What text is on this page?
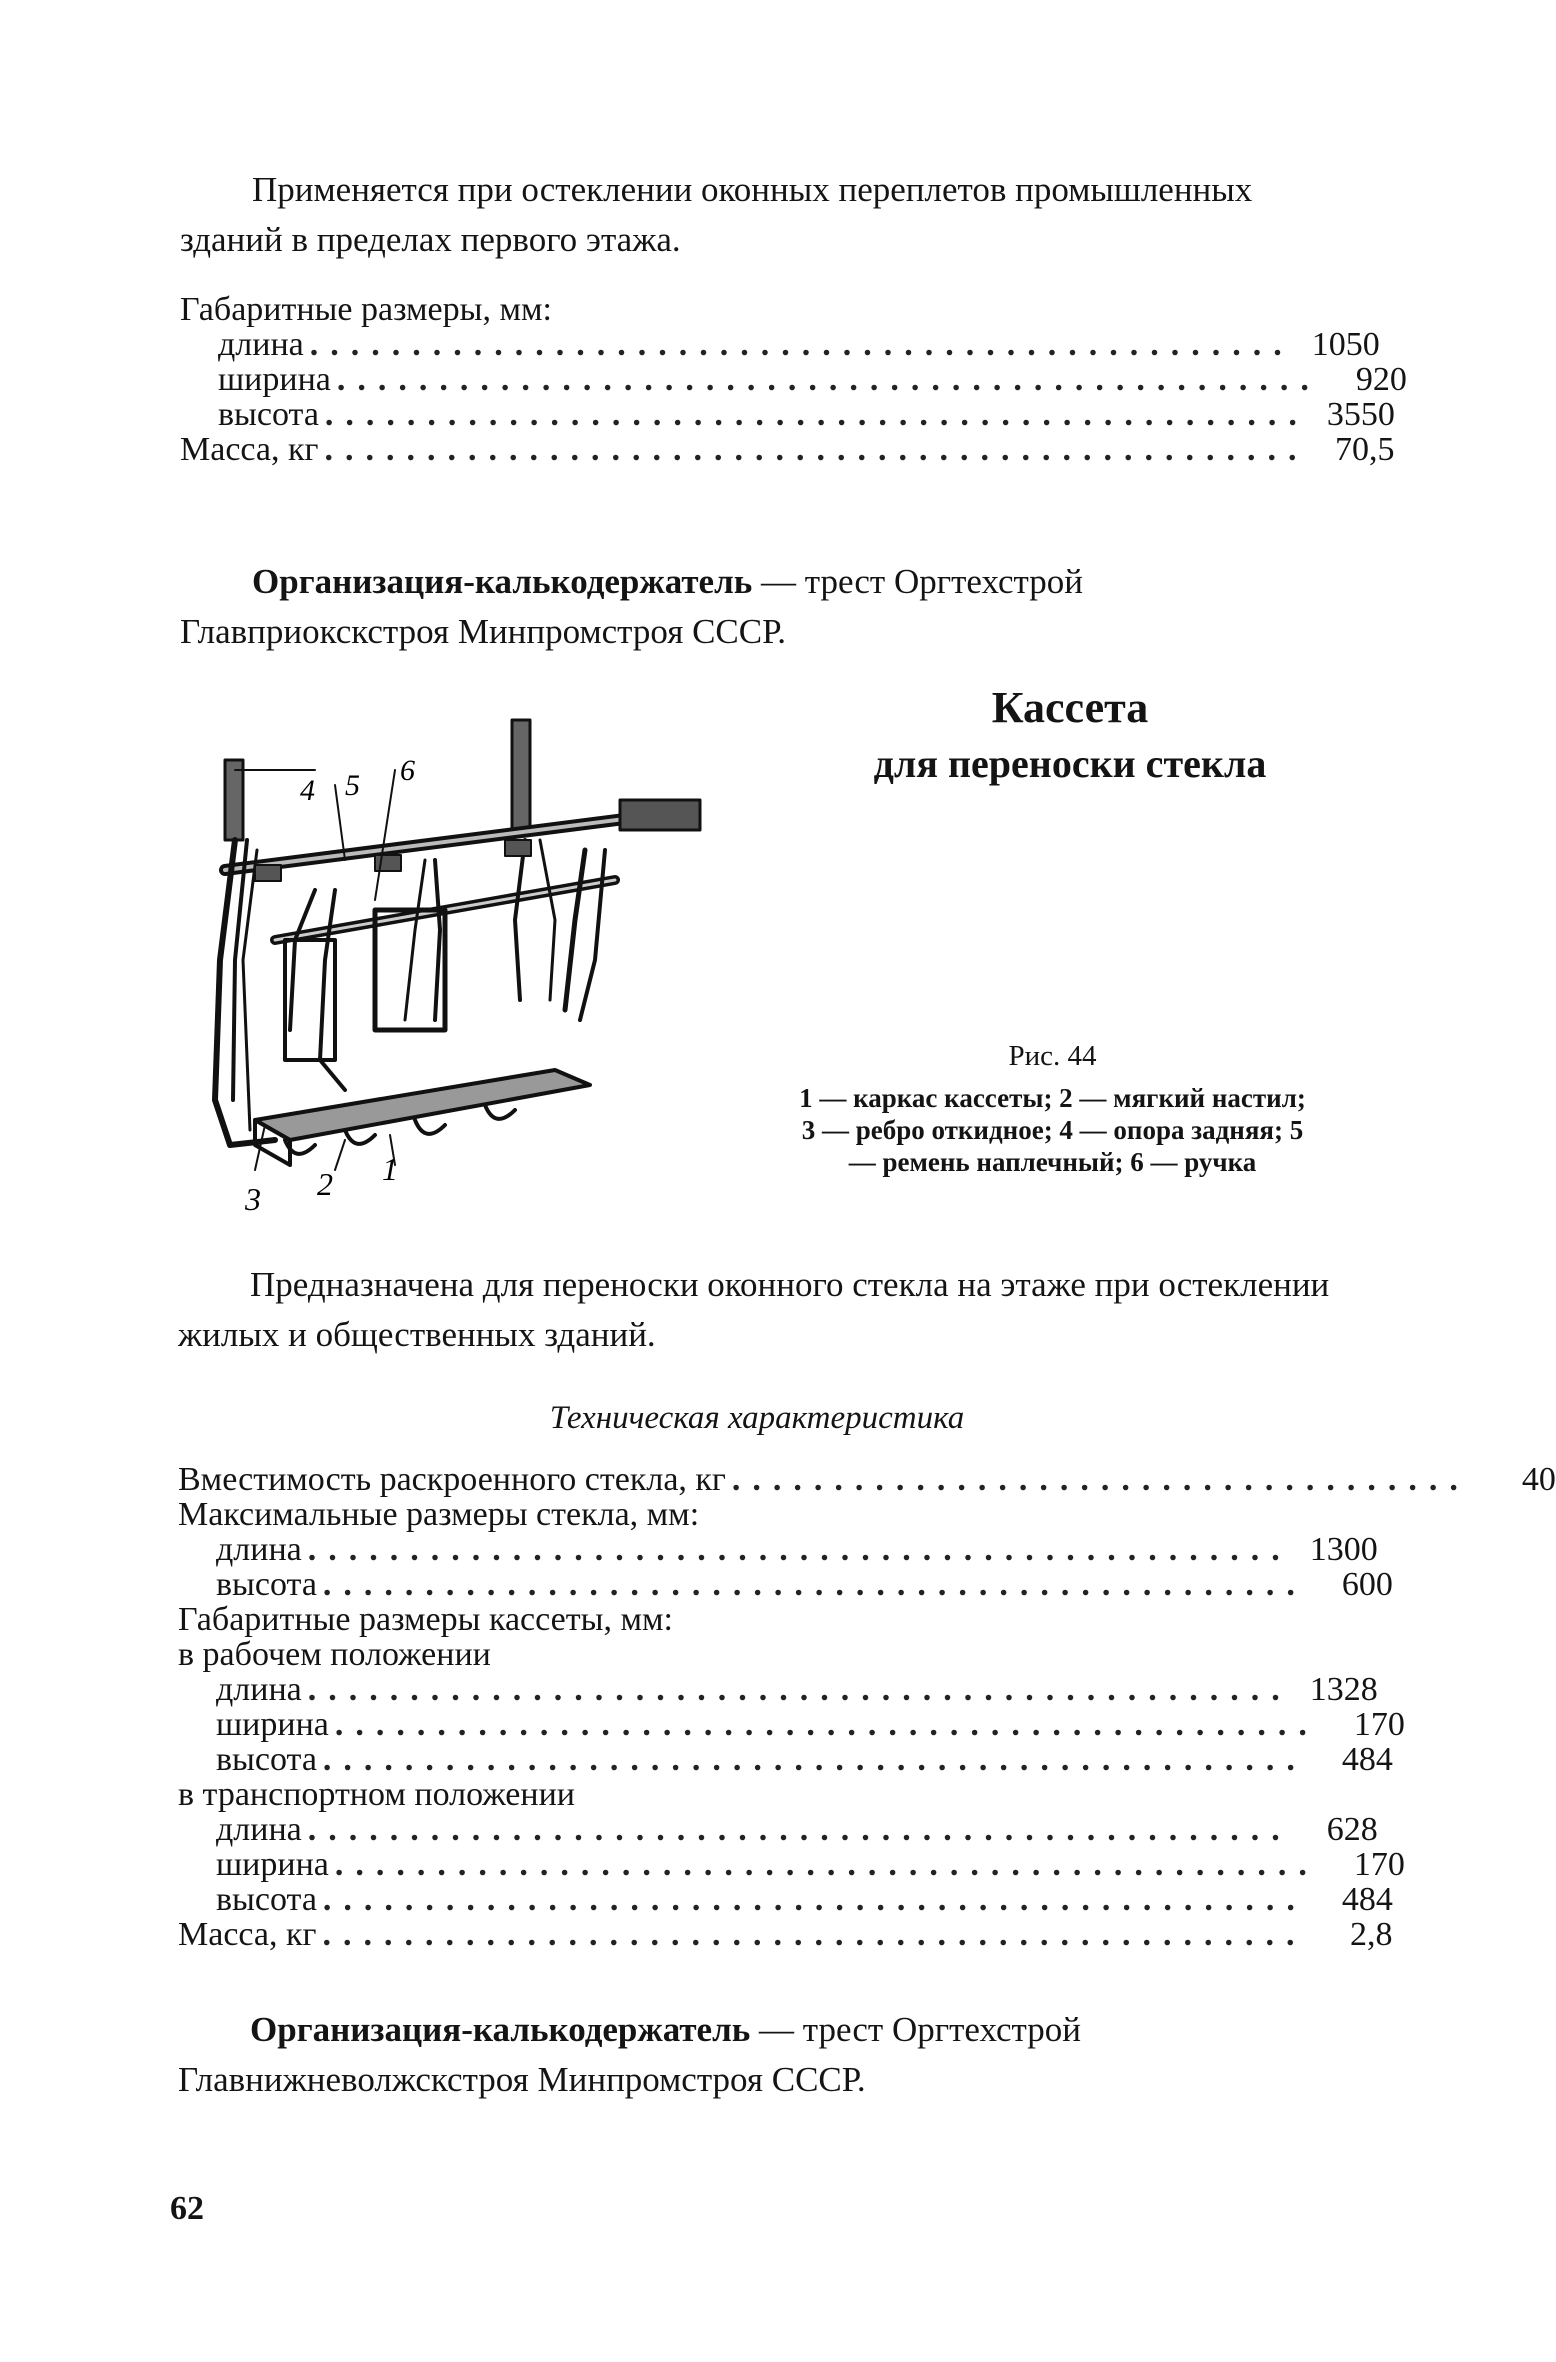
Применяется при остеклении оконных переплетов промышленных зданий в пределах первого этажа.

Габаритные размеры, мм:
длина ................................................ 1050
ширина ................................................	920
высота ................................................ 3550
Масса, кг ................................................ 70,5

Организация-калькодержатель — трест Оргтехстрой Главприокскстроя Минпромстроя СССР.

Кассета
для переноски стекла
4 5 6
3 2 1
Рис. 44
1 — каркас кассеты; 2 — мягкий настил; 3 — ребро откидное; 4 — опора задняя; 5 — ремень наплечный; 6 — ручка

Предназначена для переноски оконного стекла на этаже при остеклении жилых и общественных зданий.

Техническая характеристика
Вместимость раскроенного стекла, кг ....................................	40
Максимальные размеры стекла, мм:
длина ................................................ 1300
высота ................................................	600
Габаритные размеры кассеты, мм:
в рабочем положении
длина ................................................ 1328
ширина ................................................	170
высота ................................................	484
в транспортном положении
длина ................................................	628
ширина ................................................	170
высота ................................................	484
Масса, кг ................................................	2,8

Организация-калькодержатель — трест Оргтехстрой Главнижневолжскстроя Минпромстроя СССР.

62
